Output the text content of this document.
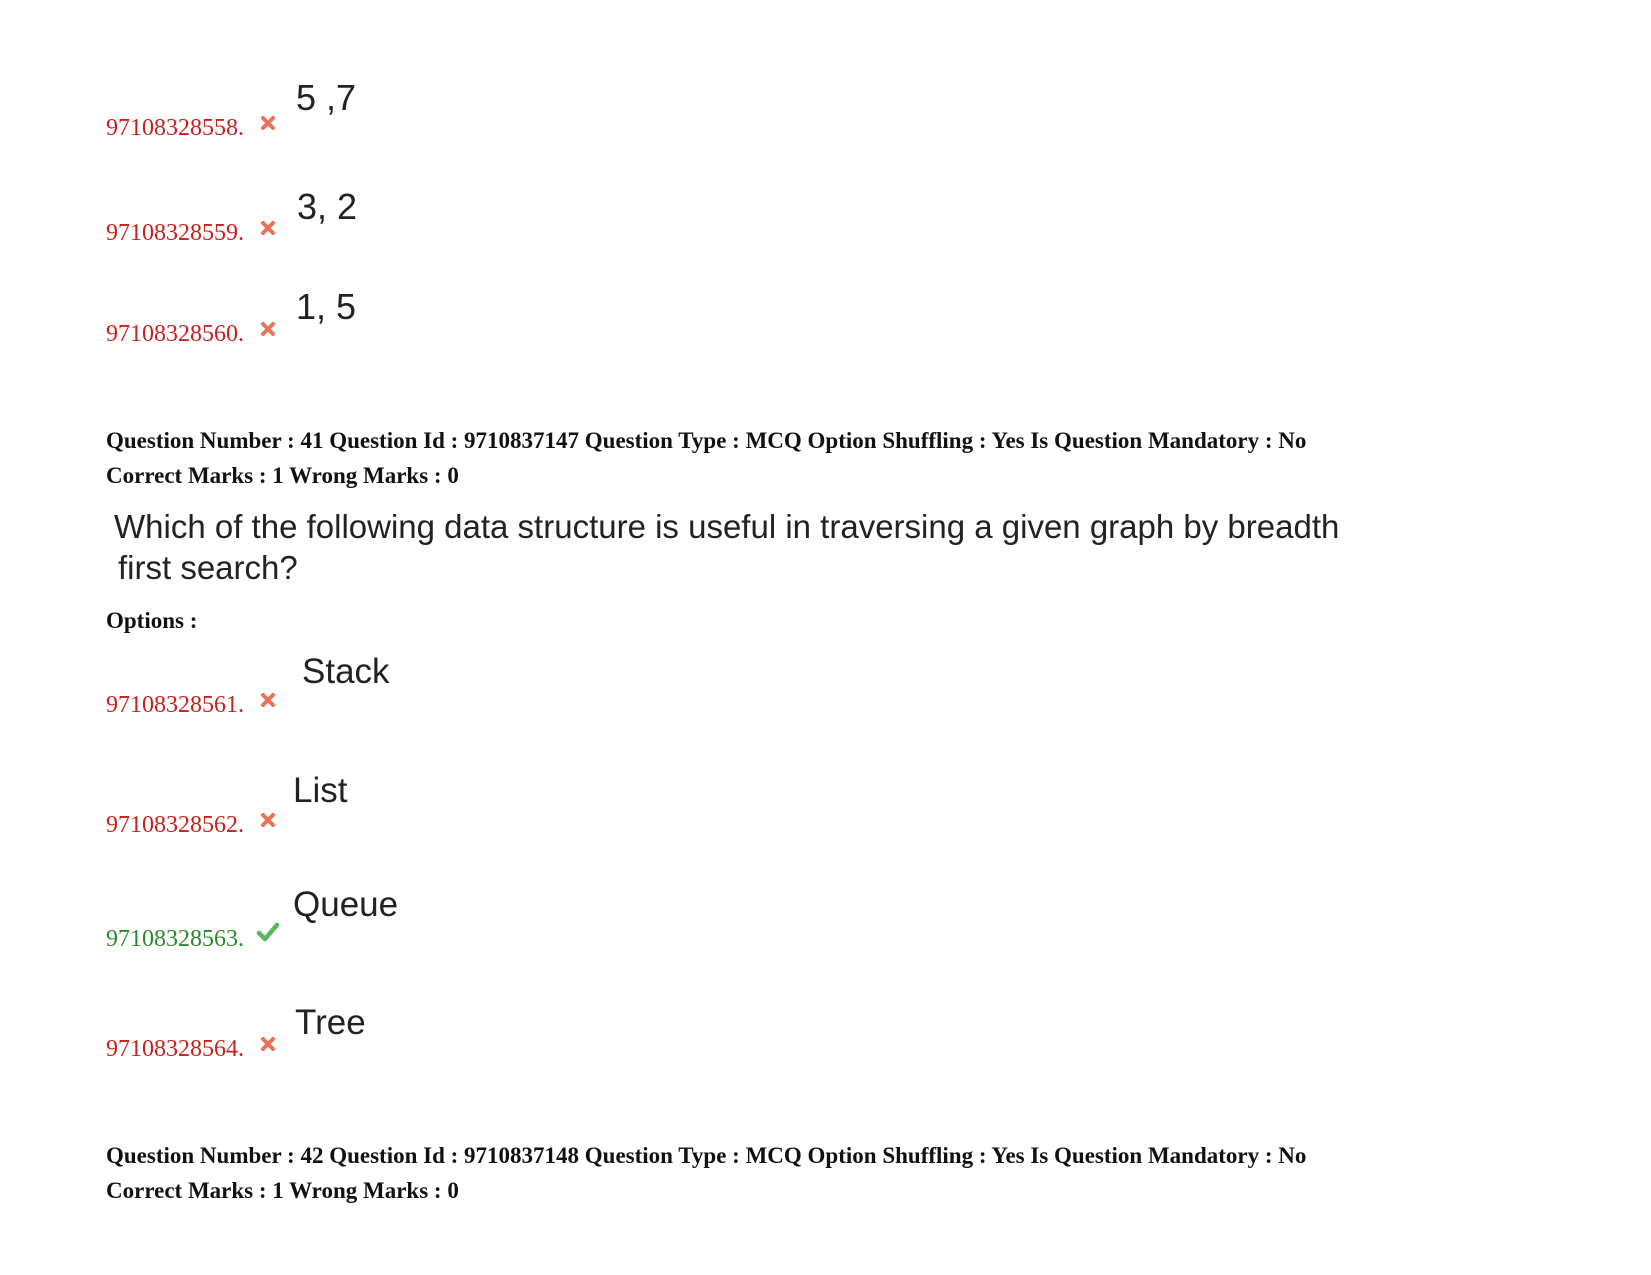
97108328558.
5 ,7
97108328559.
3, 2
97108328560.
1, 5
Question Number : 41 Question Id : 9710837147 Question Type : MCQ Option Shuffling : Yes Is Question Mandatory : No
Correct Marks : 1 Wrong Marks : 0
Which of the following data structure is useful in traversing a given graph by breadth
first search?
Options :
97108328561.
Stack
97108328562.
List
97108328563.
Queue
97108328564.
Tree
Question Number : 42 Question Id : 9710837148 Question Type : MCQ Option Shuffling : Yes Is Question Mandatory : No
Correct Marks : 1 Wrong Marks : 0
